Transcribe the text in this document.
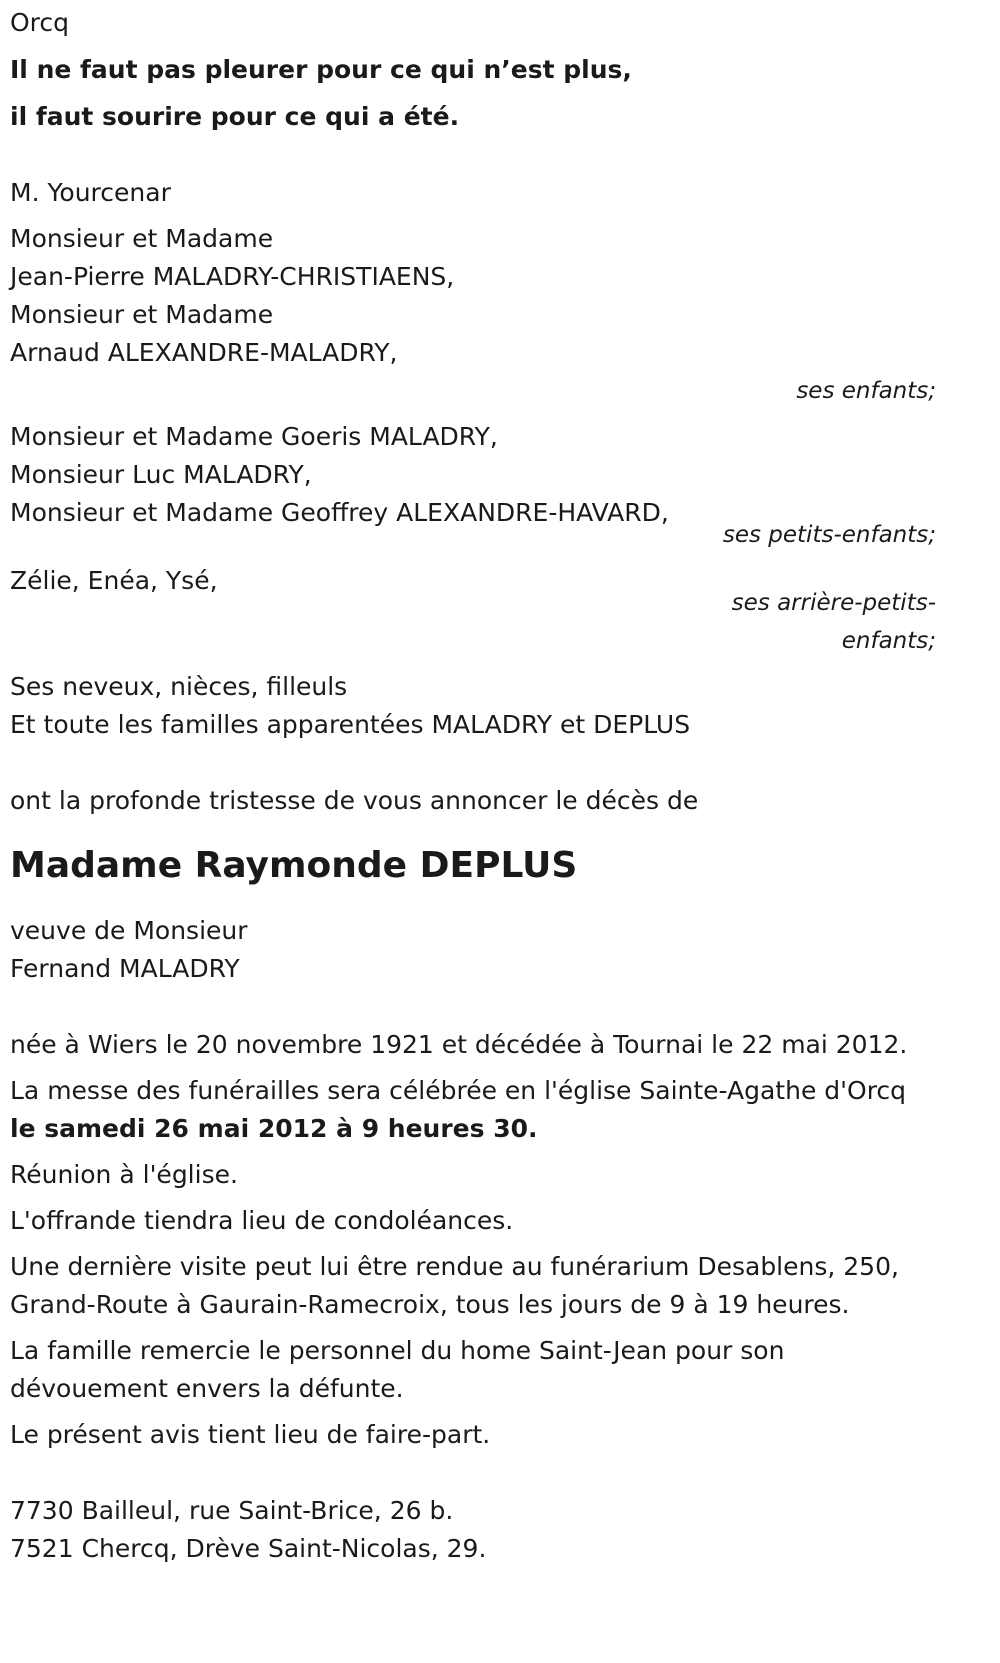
Orcq
Il ne faut pas pleurer pour ce qui n’est plus,
il faut sourire pour ce qui a été.
M. Yourcenar
Monsieur et Madame
Jean-Pierre MALADRY-CHRISTIAENS,
Monsieur et Madame
Arnaud ALEXANDRE-MALADRY,
ses enfants;
Monsieur et Madame Goeris MALADRY,
Monsieur Luc MALADRY,
Monsieur et Madame Geoffrey ALEXANDRE-HAVARD,
ses petits-enfants;
Zélie, Enéa, Ysé,
ses arrière-petits-
enfants;
Ses neveux, nièces, filleuls
Et toute les familles apparentées MALADRY et DEPLUS
ont la profonde tristesse de vous annoncer le décès de
Madame Raymonde DEPLUS
veuve de Monsieur
Fernand MALADRY
née à Wiers le 20 novembre 1921 et décédée à Tournai le 22 mai 2012.
La messe des funérailles sera célébrée en l'église Sainte-Agathe d'Orcq le samedi 26 mai 2012 à 9 heures 30.
Réunion à l'église.
L'offrande tiendra lieu de condoléances.
Une dernière visite peut lui être rendue au funérarium Desablens, 250, Grand-Route à Gaurain-Ramecroix, tous les jours de 9 à 19 heures.
La famille remercie le personnel du home Saint-Jean pour son dévouement envers la défunte.
Le présent avis tient lieu de faire-part.
7730 Bailleul, rue Saint-Brice, 26 b.
7521 Chercq, Drève Saint-Nicolas, 29.
